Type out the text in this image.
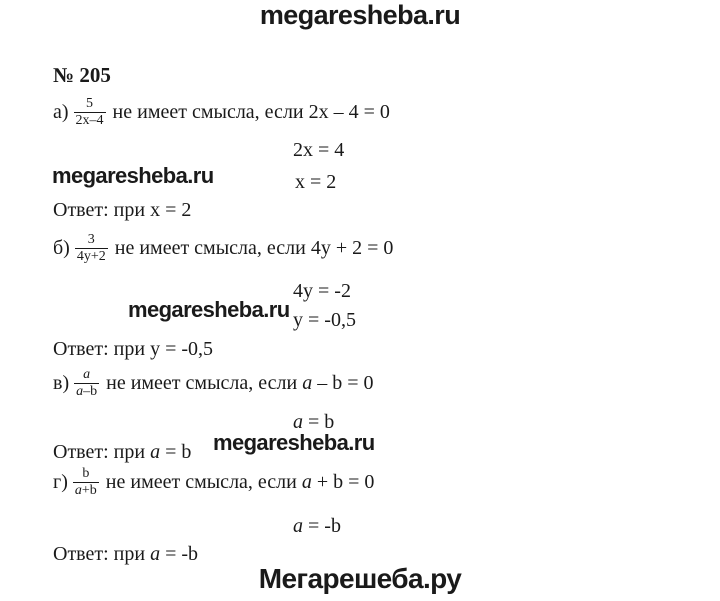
megaresheba.ru
№ 205
$а) \frac{5}{2x-4}$ не имеет смысла, если 2x – 4 = 0
2x = 4
megaresheba.ru	x = 2
Ответ: при x = 2
$б) \frac{3}{4y+2}$ не имеет смысла, если 4y + 2 = 0
4y = -2
megaresheba.ru y = -0,5
Ответ: при y = -0,5
$в) \frac{a}{a-b}$ не имеет смысла, если a – b = 0
a = b
megaresheba.ru
Ответ: при a = b
$г) \frac{b}{a+b}$ не имеет смысла, если a + b = 0
a = -b
Ответ: при a = -b
Мегарешеба.ру
